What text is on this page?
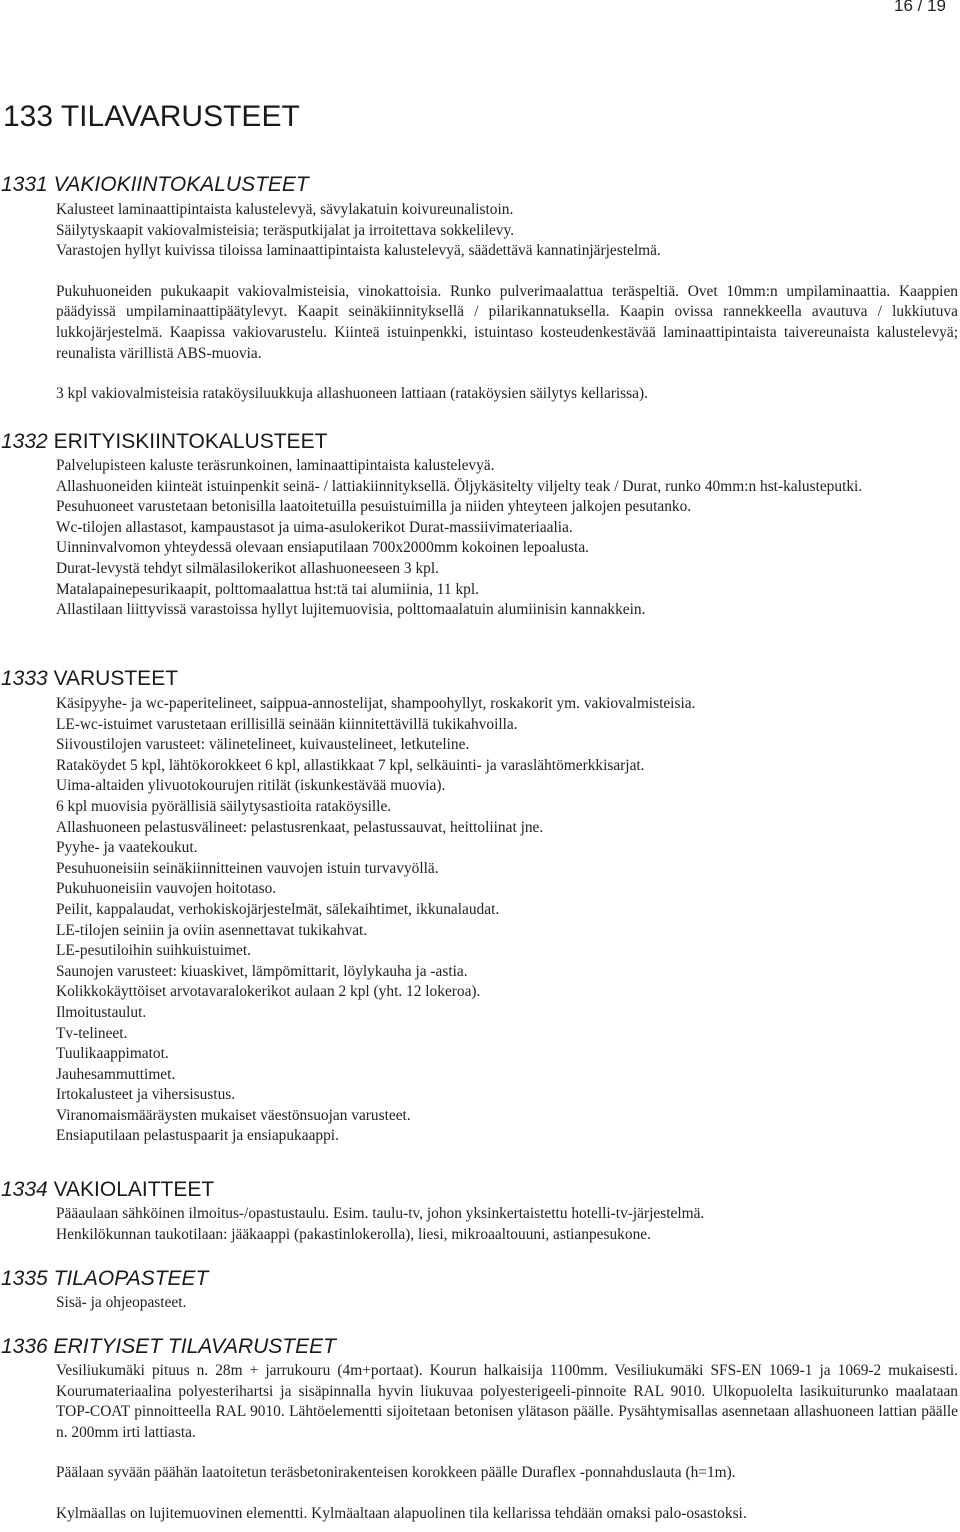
16 / 19
133 TILAVARUSTEET
1331 VAKIOKIINTOKALUSTEET

Kalusteet laminaattipintaista kalustelevyä, sävylakatuin koivureunalistoin.

Säilytyskaapit vakiovalmisteisia; teräsputkijalat ja irroitettava sokkelilevy.

Varastojen hyllyt kuivissa tiloissa laminaattipintaista kalustelevyä, säädettävä kannatinjärjestelmä.

Pukuhuoneiden pukukaapit vakiovalmisteisia, vinokattoisia. Runko pulverimaalattua teräspeltiä. Ovet 10mm:n umpilaminaattia. Kaappien päädyissä umpilaminaattipäätylevyt. Kaapit seinäkiinnityksellä / pilarikannatuksella. Kaapin ovissa rannekkeella avautuva / lukkiutuva lukkojärjestelmä. Kaapissa vakiovarustelu. Kiinteä istuinpenkki, istuintaso kosteudenkestävää laminaattipintaista taivereunaista kalustelevyä; reunalista värillistä ABS-muovia.

3 kpl vakiovalmisteisia rataköysiluukkuja allashuoneen lattiaan (rataköysien säilytys kellarissa).

1332 ERITYISKIINTOKALUSTEET

Palvelupisteen kaluste teräsrunkoinen, laminaattipintaista kalustelevyä.

Allashuoneiden kiinteät istuinpenkit seinä- / lattiakiinnityksellä. Öljykäsitelty viljelty teak / Durat, runko 40mm:n hst-kalusteputki.

Pesuhuoneet varustetaan betonisilla laatoitetuilla pesuistuimilla ja niiden yhteyteen jalkojen pesutanko.

Wc-tilojen allastasot, kampaustasot ja uima-asulokerikot Durat-massiivimateriaalia.

Uinninvalvomon yhteydessä olevaan ensiaputilaan 700x2000mm kokoinen lepoalusta.

Durat-levystä tehdyt silmälasilokerikot allashuoneeseen 3 kpl.

Matalapainepesurikaapit, polttomaalattua hst:tä tai alumiinia, 11 kpl.

Allastilaan liittyvissä varastoissa hyllyt lujitemuovisia, polttomaalatuin alumiinisin kannakkein.

1333 VARUSTEET

Käsipyyhe- ja wc-paperitelineet, saippua-annostelijat, shampoohyllyt, roskakorit ym. vakiovalmisteisia.

LE-wc-istuimet varustetaan erillisillä seinään kiinnitettävillä tukikahvoilla.

Siivoustilojen varusteet: välinetelineet, kuivaustelineet, letkuteline.

Rataköydet 5 kpl, lähtökorokkeet 6 kpl, allastikkaat 7 kpl, selkäuinti- ja varaslähtömerkkisarjat.

Uima-altaiden ylivuotokourujen ritilät (iskunkestävää muovia).

6 kpl muovisia pyörällisiä säilytysastioita rataköysille.

Allashuoneen pelastusvälineet: pelastusrenkaat, pelastussauvat, heittoliinat jne.

Pyyhe- ja vaatekoukut.

Pesuhuoneisiin seinäkiinnitteinen vauvojen istuin turvavyöllä.

Pukuhuoneisiin vauvojen hoitotaso.

Peilit, kappalaudat, verhokiskojärjestelmät, sälekaihtimet, ikkunalaudat.

LE-tilojen seiniin ja oviin asennettavat tukikahvat.

LE-pesutiloihin suihkuistuimet.

Saunojen varusteet: kiuaskivet, lämpömittarit, löylykauha ja -astia.

Kolikkokäyttöiset arvotavaralokerikot aulaan 2 kpl (yht. 12 lokeroa).

Ilmoitustaulut.

Tv-telineet.

Tuulikaappimatot.

Jauhesammuttimet.

Irtokalusteet ja vihersisustus.

Viranomaismääräysten mukaiset väestönsuojan varusteet.

Ensiaputilaan pelastuspaarit ja ensiapukaappi.

1334 VAKIOLAITTEET

Pääaulaan sähköinen ilmoitus-/opastustaulu. Esim. taulu-tv, johon yksinkertaistettu hotelli-tv-järjestelmä.

Henkilökunnan taukotilaan: jääkaappi (pakastinlokerolla), liesi, mikroaaltouuni, astianpesukone.

1335 TILAOPASTEET

Sisä- ja ohjeopasteet.

1336 ERITYISET TILAVARUSTEET

Vesiliukumäki pituus n. 28m + jarrukouru (4m+portaat). Kourun halkaisija 1100mm. Vesiliukumäki SFS-EN 1069-1 ja 1069-2 mukaisesti. Kourumateriaalina polyesterihartsi ja sisäpinnalla hyvin liukuvaa polyesterigeeli-pinnoite RAL 9010. Ulkopuolelta lasikuiturunko maalataan TOP-COAT pinnoitteella RAL 9010. Lähtöelementti sijoitetaan betonisen ylätason päälle. Pysähtymisallas asennetaan allashuoneen lattian päälle n. 200mm irti lattiasta.

Päälaan syvään päähän laatoitetun teräsbetonirakenteisen korokkeen päälle Duraflex -ponnahduslauta (h=1m).

Kylmäallas on lujitemuovinen elementti. Kylmäaltaan alapuolinen tila kellarissa tehdään omaksi palo-osastoksi.
